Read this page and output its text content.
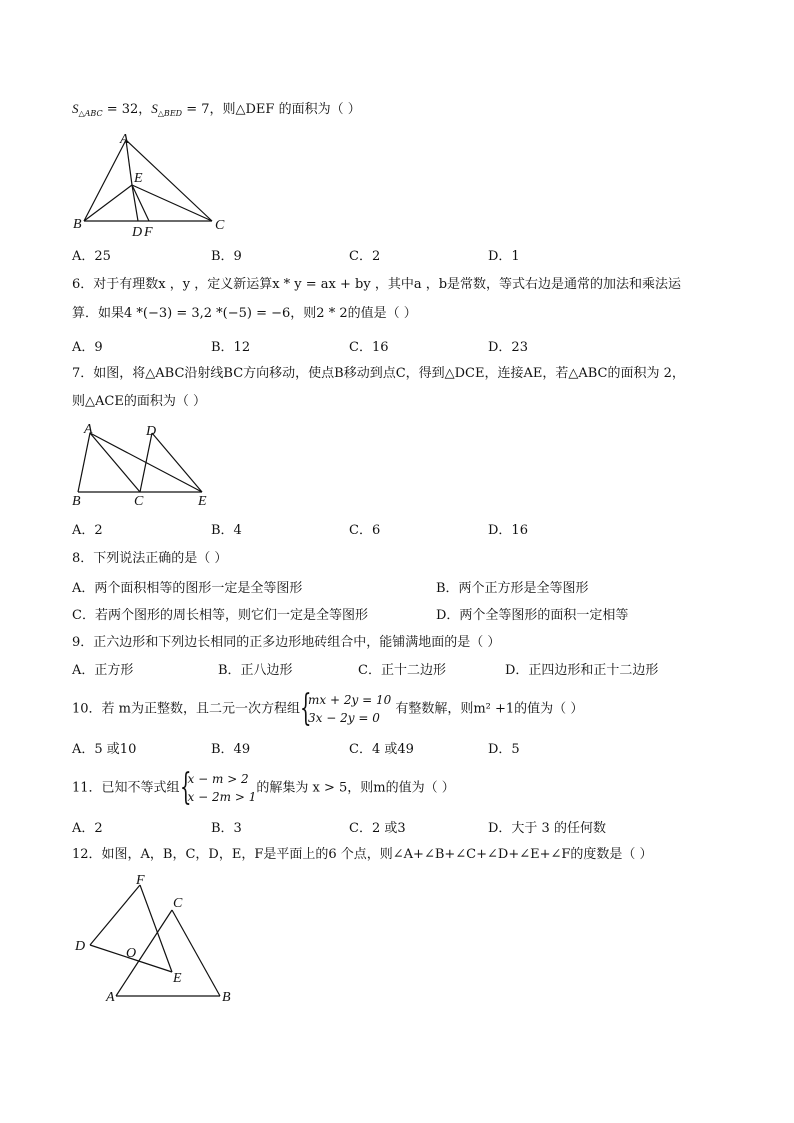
$S_{\triangle ABC} = 32$，$S_{\triangle BED} = 7$，则△DEF 的面积为（ ）
A
E
B
D F	C
A．25	B．9	C．2	D．1
6．对于有理数x ，y ，定义新运算x * y = ax + by ，其中a ，b是常数，等式右边是通常的加法和乘法运
算．如果4 *(−3) = 3,2 *(−5) = −6，则2 * 2的值是（ ）
A．9	B．12	C．16	D．23
7．如图，将△ABC沿射线BC方向移动，使点B移动到点C，得到△DCE，连接AE，若△ABC的面积为 2，
则△ACE的面积为（ ）
A	D
B	C	E
A．2	B．4	C．6	D．16
8．下列说法正确的是（ ）
A．两个面积相等的图形一定是全等图形	B．两个正方形是全等图形
C．若两个图形的周长相等，则它们一定是全等图形	D．两个全等图形的面积一定相等
9．正六边形和下列边长相同的正多边形地砖组合中，能铺满地面的是（ ）
A．正方形	B．正八边形	C．正十二边形	D．正四边形和正十二边形
10．若 m为正整数，且二元一次方程组 {
mx + 2y = 10
3x − 2y = 0
有整数解，则m² +1的值为（ ）
A．5 或10	B．49	C．4 或49	D．5
11．已知不等式组 {
x − m > 2
x − 2m > 1
的解集为 x > 5，则m的值为（ ）
A．2	B．3	C．2 或3	D．大于 3 的任何数
12．如图，A，B，C，D，E，F是平面上的6 个点，则∠A+∠B+∠C+∠D+∠E+∠F的度数是（ ）
F
C
D	O
E
A	B
